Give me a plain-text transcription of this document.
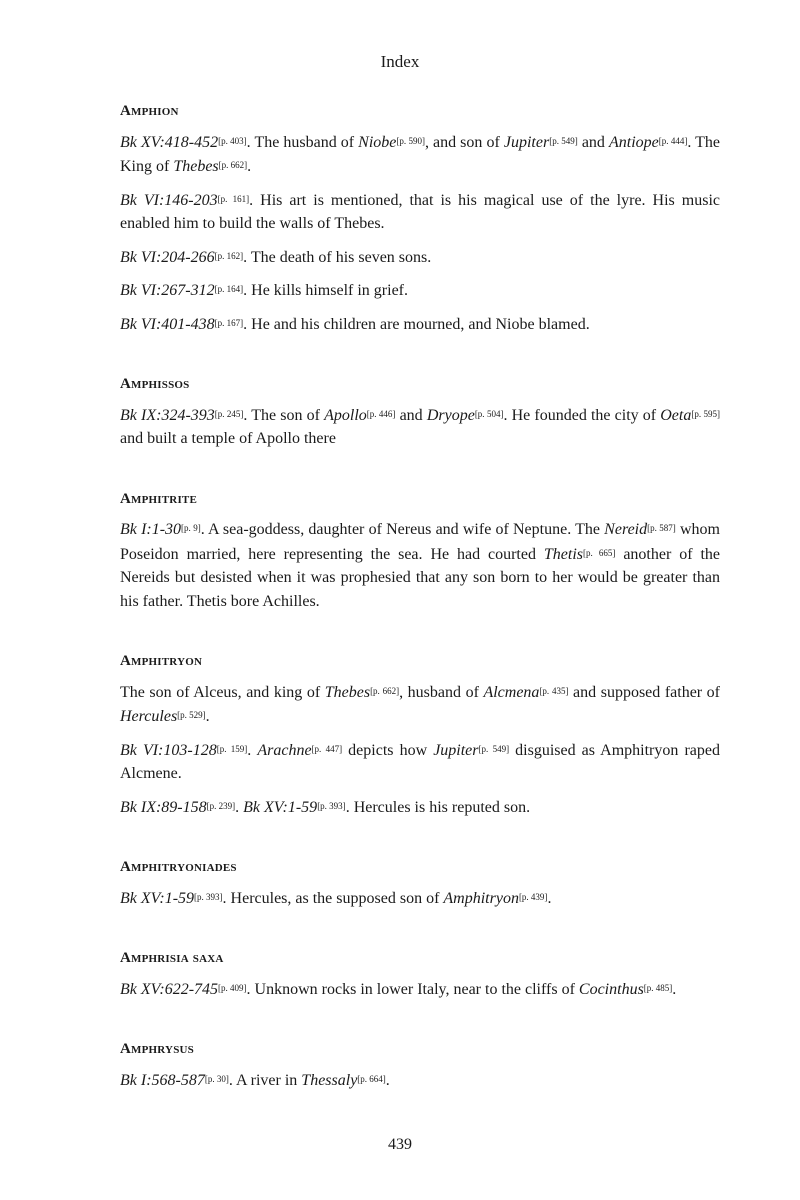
Index
Amphion
Bk XV:418-452[p. 403]. The husband of Niobe[p. 590], and son of Jupiter[p. 549] and Antiope[p. 444]. The King of Thebes[p. 662].
Bk VI:146-203[p. 161]. His art is mentioned, that is his magical use of the lyre. His music enabled him to build the walls of Thebes.
Bk VI:204-266[p. 162]. The death of his seven sons.
Bk VI:267-312[p. 164]. He kills himself in grief.
Bk VI:401-438[p. 167]. He and his children are mourned, and Niobe blamed.
Amphissos
Bk IX:324-393[p. 245]. The son of Apollo[p. 446] and Dryope[p. 504]. He founded the city of Oeta[p. 595] and built a temple of Apollo there
Amphitrite
Bk I:1-30[p. 9]. A sea-goddess, daughter of Nereus and wife of Neptune. The Nereid[p. 587] whom Poseidon married, here representing the sea. He had courted Thetis[p. 665] another of the Nereids but desisted when it was prophesied that any son born to her would be greater than his father. Thetis bore Achilles.
Amphitryon
The son of Alceus, and king of Thebes[p. 662], husband of Alcmena[p. 435] and supposed father of Hercules[p. 529].
Bk VI:103-128[p. 159]. Arachne[p. 447] depicts how Jupiter[p. 549] disguised as Amphitryon raped Alcmene.
Bk IX:89-158[p. 239]. Bk XV:1-59[p. 393]. Hercules is his reputed son.
Amphitryoniades
Bk XV:1-59[p. 393]. Hercules, as the supposed son of Amphitryon[p. 439].
Amphrisia saxa
Bk XV:622-745[p. 409]. Unknown rocks in lower Italy, near to the cliffs of Cocinthus[p. 485].
Amphrysus
Bk I:568-587[p. 30]. A river in Thessaly[p. 664].
439
